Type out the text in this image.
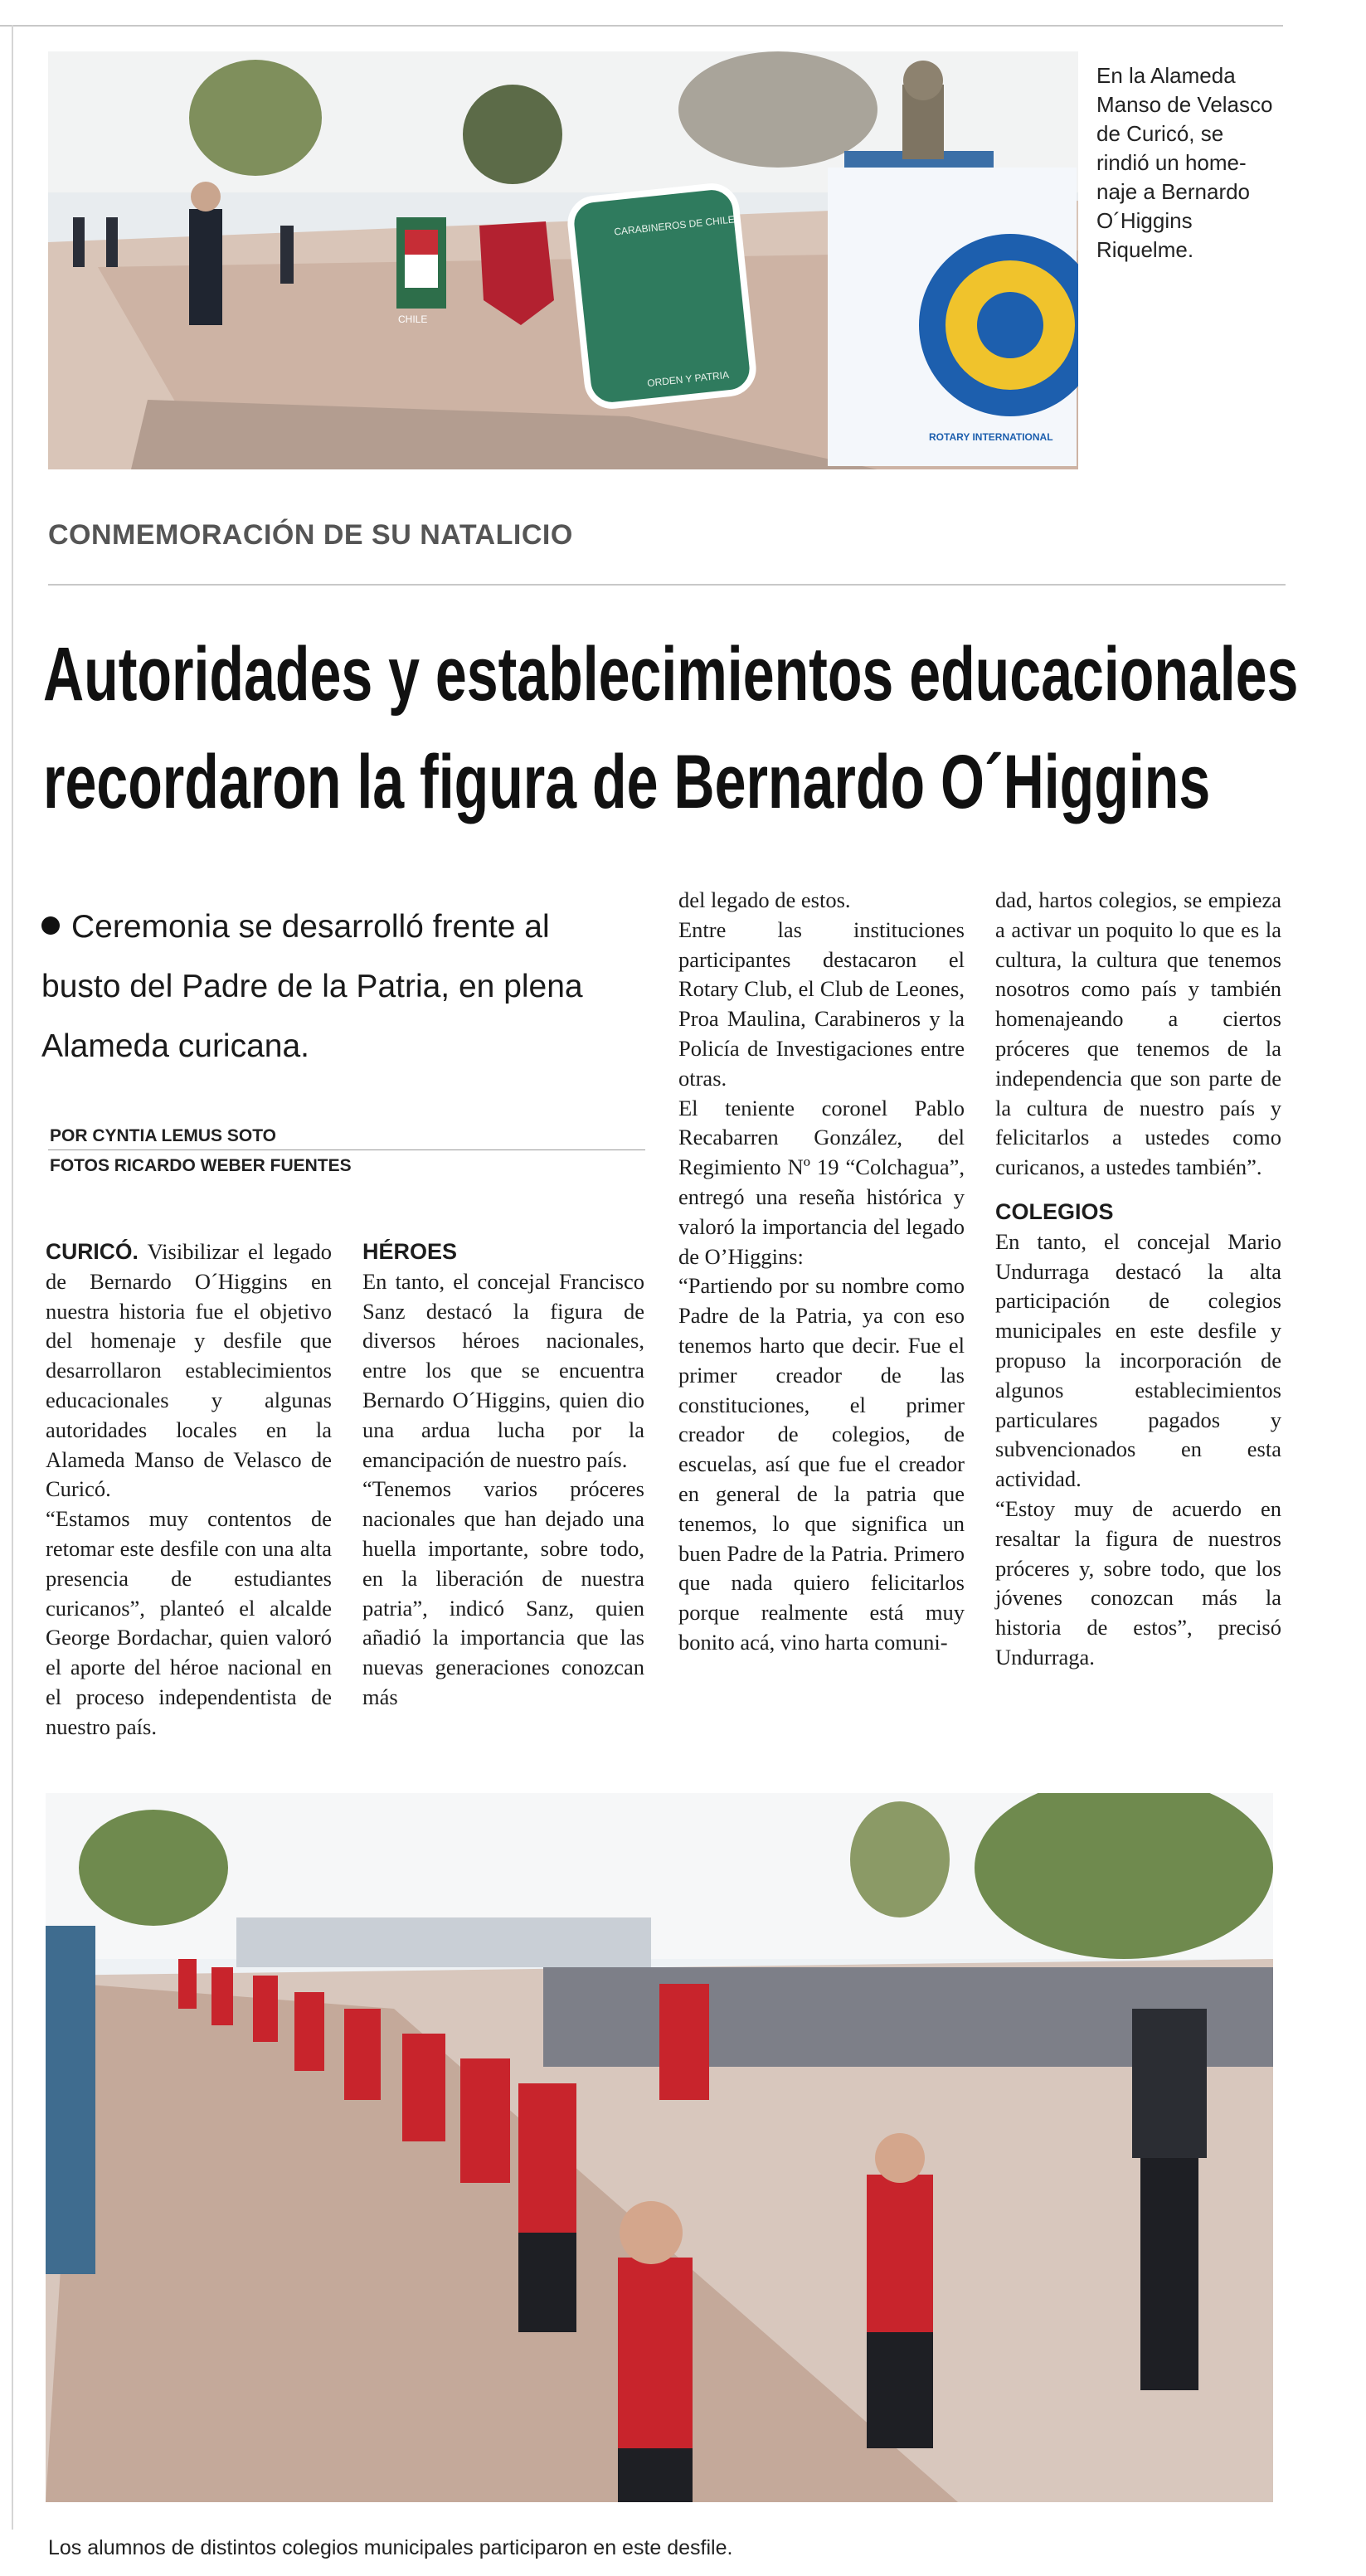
En la Alameda
Manso de Velasco
de Curicó, se
rindió un home-
naje a Bernardo
O´Higgins
Riquelme.
CHILE
CARABINEROS DE CHILE
ORDEN Y PATRIA
ROTARY INTERNATIONAL
CONMEMORACIÓN DE SU NATALICIO
Autoridades y establecimientos educacionales
recordaron la figura de Bernardo O´Higgins
Ceremonia se desarrolló frente al
busto del Padre de la Patria, en plena
Alameda curicana.
POR CYNTIA LEMUS SOTO
FOTOS RICARDO WEBER FUENTES

CURICÓ. Visibilizar el legado de Bernardo O´Higgins en nuestra historia fue el objetivo del homenaje y desfile que desarrollaron establecimientos educacionales y algunas autoridades locales en la Alameda Manso de Velasco de Curicó.

“Estamos muy contentos de retomar este desfile con una alta presencia de estudiantes curicanos”, planteó el alcalde George Bordachar, quien valoró el aporte del héroe nacional en el proceso independentista de nuestro país.

HÉROES

En tanto, el concejal Francisco Sanz destacó la figura de diversos héroes nacionales, entre los que se encuentra Bernardo O´Higgins, quien dio una ardua lucha por la emancipación de nuestro país.

“Tenemos varios próceres nacionales que han dejado una huella importante, sobre todo, en la liberación de nuestra patria”, indicó Sanz, quien añadió la importancia que las nuevas generaciones conozcan más

del legado de estos.

Entre las instituciones participantes destacaron el Rotary Club, el Club de Leones, Proa Maulina, Carabineros y la Policía de Investigaciones entre otras.

El teniente coronel Pablo Recabarren González, del Regimiento Nº 19 “Colchagua”, entregó una reseña histórica y valoró la importancia del legado de O’Higgins:

“Partiendo por su nombre como Padre de la Patria, ya con eso tenemos harto que decir. Fue el primer creador de las constituciones, el primer creador de colegios, de escuelas, así que fue el creador en general de la patria que tenemos, lo que significa un buen Padre de la Patria. Primero que nada quiero felicitarlos porque realmente está muy bonito acá, vino harta comuni-

dad, hartos colegios, se empieza a activar un poquito lo que es la cultura, la cultura que tenemos nosotros como país y también homenajeando a ciertos próceres que tenemos de la independencia que son parte de la cultura de nuestro país y felicitarlos a ustedes como curicanos, a ustedes también”.

COLEGIOS

En tanto, el concejal Mario Undurraga destacó la alta participación de colegios municipales en este desfile y propuso la incorporación de algunos establecimientos particulares pagados y subvencionados en esta actividad.

“Estoy muy de acuerdo en resaltar la figura de nuestros próceres y, sobre todo, que los jóvenes conozcan más la historia de estos”, precisó Undurraga.

Los alumnos de distintos colegios municipales participaron en este desfile.
